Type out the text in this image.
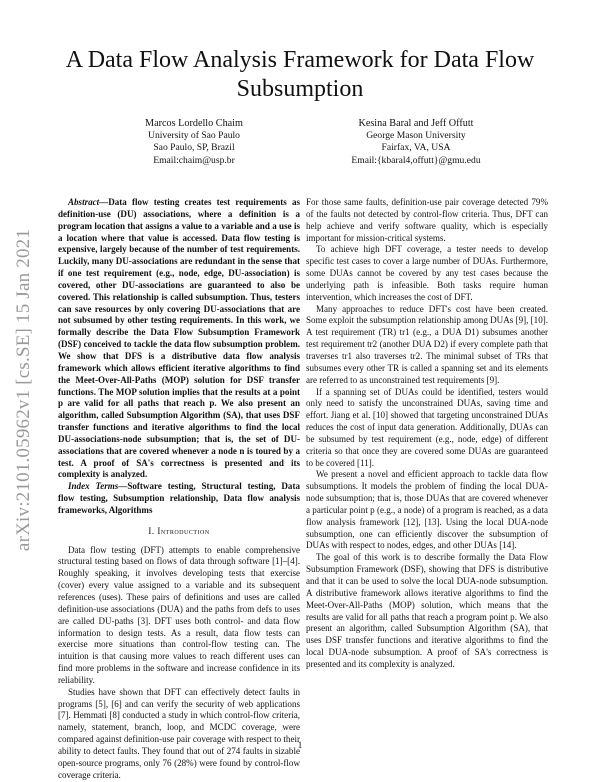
arXiv:2101.05962v1 [cs.SE] 15 Jan 2021
A Data Flow Analysis Framework for Data Flow Subsumption
Marcos Lordello Chaim
University of Sao Paulo
Sao Paulo, SP, Brazil
Email:chaim@usp.br
Kesina Baral and Jeff Offutt
George Mason University
Fairfax, VA, USA
Email:{kbaral4,offutt}@gmu.edu

Abstract—Data flow testing creates test requirements as definition-use (DU) associations, where a definition is a program location that assigns a value to a variable and a use is a location where that value is accessed. Data flow testing is expensive, largely because of the number of test requirements. Luckily, many DU-associations are redundant in the sense that if one test requirement (e.g., node, edge, DU-association) is covered, other DU-associations are guaranteed to also be covered. This relationship is called subsumption. Thus, testers can save resources by only covering DU-associations that are not subsumed by other testing requirements. In this work, we formally describe the Data Flow Subsumption Framework (DSF) conceived to tackle the data flow subsumption problem. We show that DFS is a distributive data flow analysis framework which allows efficient iterative algorithms to find the Meet-Over-All-Paths (MOP) solution for DSF transfer functions. The MOP solution implies that the results at a point p are valid for all paths that reach p. We also present an algorithm, called Subsumption Algorithm (SA), that uses DSF transfer functions and iterative algorithms to find the local DU-associations-node subsumption; that is, the set of DU-associations that are covered whenever a node n is toured by a test. A proof of SA's correctness is presented and its complexity is analyzed.

Index Terms—Software testing, Structural testing, Data flow testing, Subsumption relationship, Data flow analysis frameworks, Algorithms

I. Introduction

Data flow testing (DFT) attempts to enable comprehensive structural testing based on flows of data through software [1]–[4]. Roughly speaking, it involves developing tests that exercise (cover) every value assigned to a variable and its subsequent references (uses). These pairs of definitions and uses are called definition-use associations (DUA) and the paths from defs to uses are called DU-paths [3]. DFT uses both control- and data flow information to design tests. As a result, data flow tests can exercise more situations than control-flow testing can. The intuition is that causing more values to reach different uses can find more problems in the software and increase confidence in its reliability.

Studies have shown that DFT can effectively detect faults in programs [5], [6] and can verify the security of web applications [7]. Hemmati [8] conducted a study in which control-flow criteria, namely, statement, branch, loop, and MCDC coverage, were compared against definition-use pair coverage with respect to their ability to detect faults. They found that out of 274 faults in sizable open-source programs, only 76 (28%) were found by control-flow coverage criteria.

For those same faults, definition-use pair coverage detected 79% of the faults not detected by control-flow criteria. Thus, DFT can help achieve and verify software quality, which is especially important for mission-critical systems.

To achieve high DFT coverage, a tester needs to develop specific test cases to cover a large number of DUAs. Furthermore, some DUAs cannot be covered by any test cases because the underlying path is infeasible. Both tasks require human intervention, which increases the cost of DFT.

Many approaches to reduce DFT's cost have been created. Some exploit the subsumption relationship among DUAs [9], [10]. A test requirement (TR) tr1 (e.g., a DUA D1) subsumes another test requirement tr2 (another DUA D2) if every complete path that traverses tr1 also traverses tr2. The minimal subset of TRs that subsumes every other TR is called a spanning set and its elements are referred to as unconstrained test requirements [9].

If a spanning set of DUAs could be identified, testers would only need to satisfy the unconstrained DUAs, saving time and effort. Jiang et al. [10] showed that targeting unconstrained DUAs reduces the cost of input data generation. Additionally, DUAs can be subsumed by test requirement (e.g., node, edge) of different criteria so that once they are covered some DUAs are guaranteed to be covered [11].

We present a novel and efficient approach to tackle data flow subsumptions. It models the problem of finding the local DUA-node subsumption; that is, those DUAs that are covered whenever a particular point p (e.g., a node) of a program is reached, as a data flow analysis framework [12], [13]. Using the local DUA-node subsumption, one can efficiently discover the subsumption of DUAs with respect to nodes, edges, and other DUAs [14].

The goal of this work is to describe formally the Data Flow Subsumption Framework (DSF), showing that DFS is distributive and that it can be used to solve the local DUA-node subsumption. A distributive framework allows iterative algorithms to find the Meet-Over-All-Paths (MOP) solution, which means that the results are valid for all paths that reach a program point p. We also present an algorithm, called Subsumption Algorithm (SA), that uses DSF transfer functions and iterative algorithms to find the local DUA-node subsumption. A proof of SA's correctness is presented and its complexity is analyzed.

1
